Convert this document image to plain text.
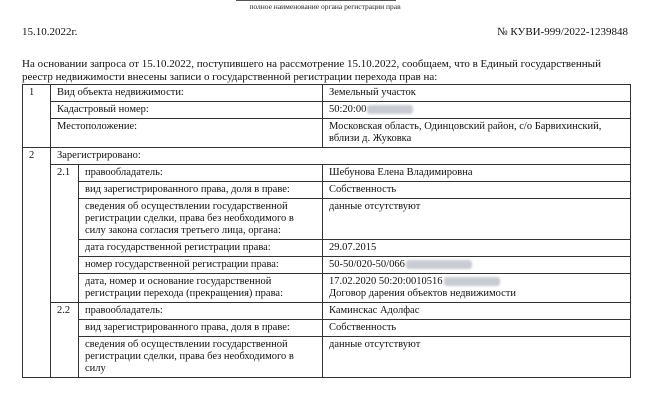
полное наименование органа регистрации прав
15.10.2022г.	№ КУВИ-999/2022-1239848
На основании запроса от 15.10.2022, поступившего на рассмотрение 15.10.2022, сообщаем, что в Единый государственный реестр недвижимости внесены записи о государственной регистрации перехода прав на:
1	Вид объекта недвижимости:		Земельный участок
	Кадастровый номер:		50:20:00
	Местоположение:		Московская область, Одинцовский район, с/о Барвихинский, вблизи д. Жуковка
2	Зарегистрировано:		
	2.1	правообладатель:	Шебунова Елена Владимировна
		вид зарегистрированного права, доля в праве:	Собственность
		сведения об осуществлении государственной регистрации сделки, права без необходимого в силу закона согласия третьего лица, органа:	данные отсутствуют
		дата государственной регистрации права:	29.07.2015
		номер государственной регистрации права:	50-50/020-50/066
		дата, номер и основание государственной регистрации перехода (прекращения) права:	17.02.2020 50:20:0010516
Договор дарения объектов недвижимости
	2.2	правообладатель:	Каминскас Адолфас
		вид зарегистрированного права, доля в праве:	Собственность
		сведения об осуществлении государственной регистрации сделки, права без необходимого в силу	данные отсутствуют
